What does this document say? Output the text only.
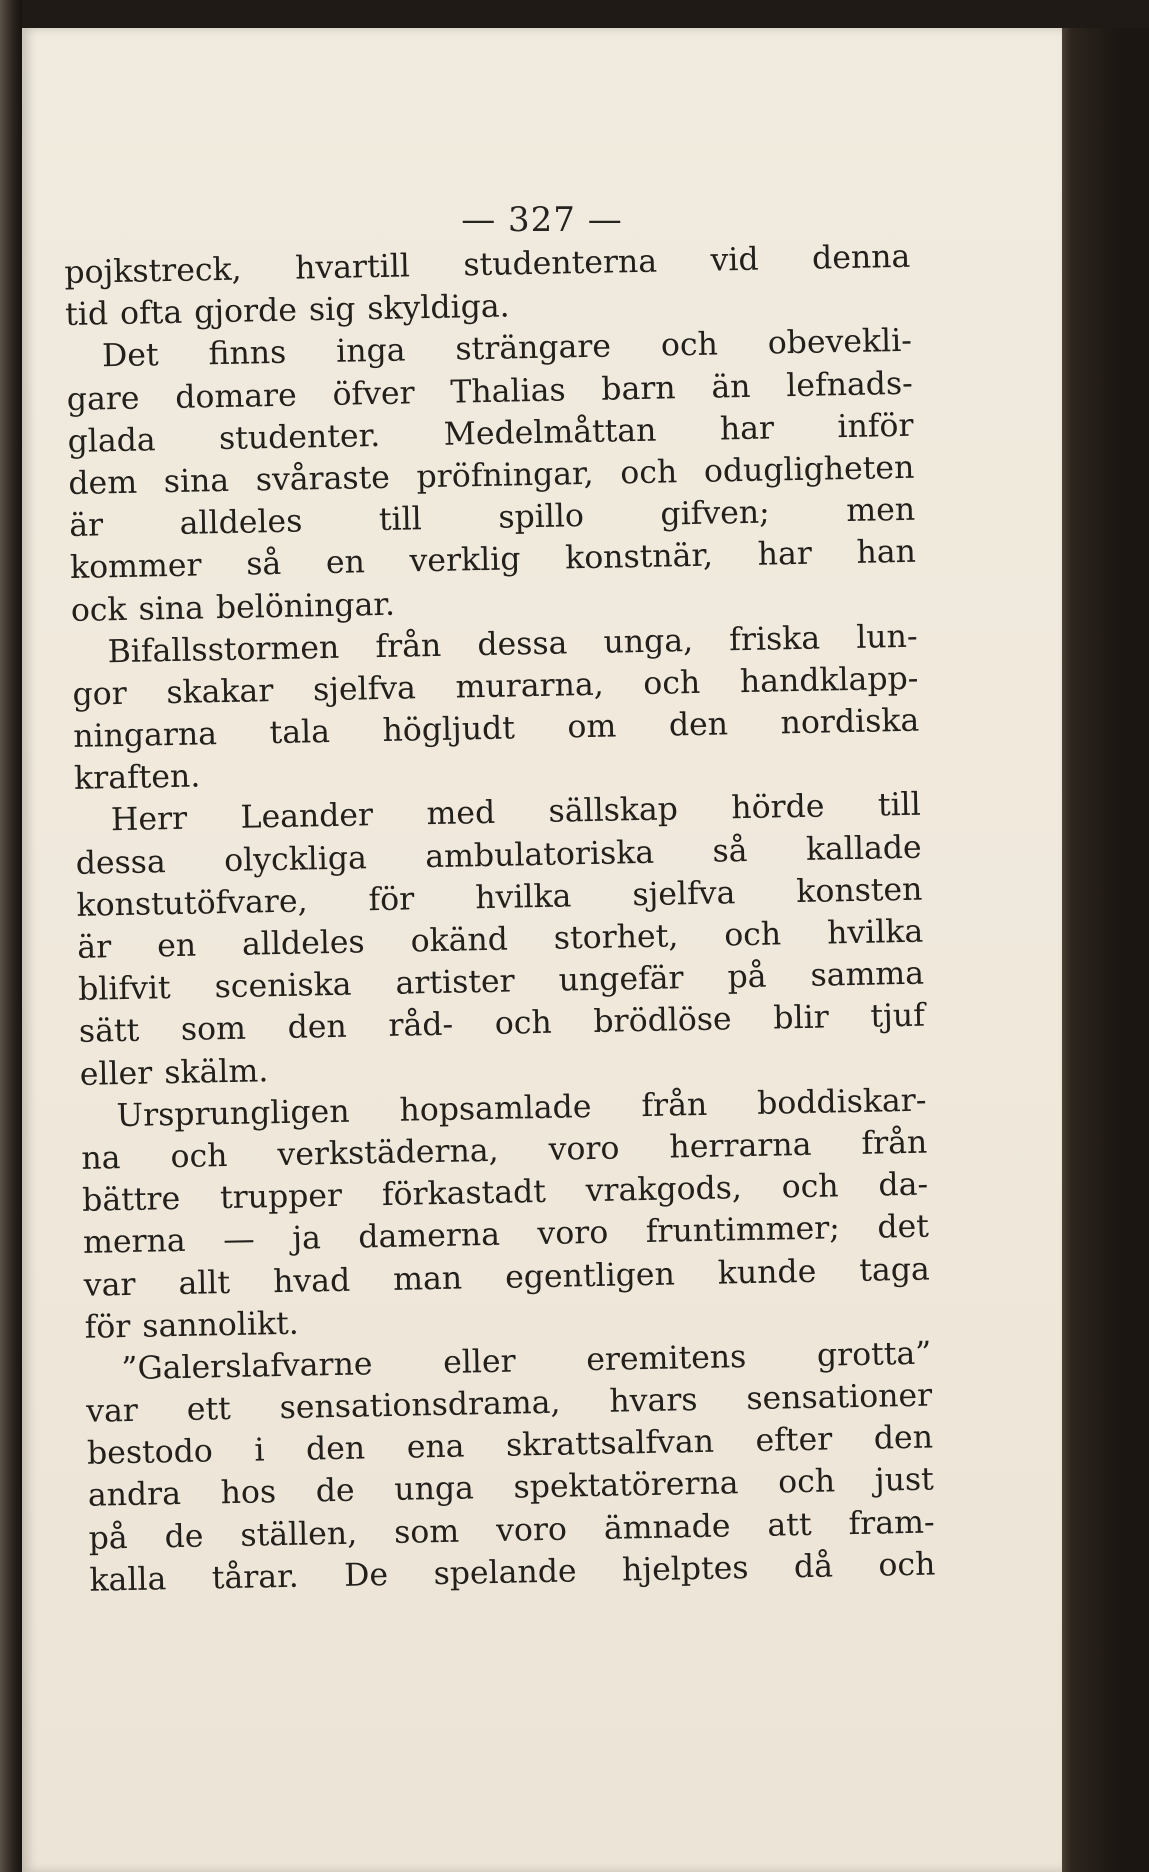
— 327 —
pojkstreck, hvartill studenterna vid denna
tid ofta gjorde sig skyldiga.
Det finns inga strängare och obevekli-
gare domare öfver Thalias barn än lefnads-
glada studenter. Medelmåttan har inför
dem sina svåraste pröfningar, och odugligheten
är alldeles till spillo gifven; men
kommer så en verklig konstnär, har han
ock sina belöningar.
Bifallsstormen från dessa unga, friska lun-
gor skakar sjelfva murarna, och handklapp-
ningarna tala högljudt om den nordiska
kraften.
Herr Leander med sällskap hörde till
dessa olyckliga ambulatoriska så kallade
konstutöfvare, för hvilka sjelfva konsten
är en alldeles okänd storhet, och hvilka
blifvit sceniska artister ungefär på samma
sätt som den råd- och brödlöse blir tjuf
eller skälm.
Ursprungligen hopsamlade från boddiskar-
na och verkstäderna, voro herrarna från
bättre trupper förkastadt vrakgods, och da-
merna — ja damerna voro fruntimmer; det
var allt hvad man egentligen kunde taga
för sannolikt.
”Galerslafvarne eller eremitens grotta”
var ett sensationsdrama, hvars sensationer
bestodo i den ena skrattsalfvan efter den
andra hos de unga spektatörerna och just
på de ställen, som voro ämnade att fram-
kalla tårar. De spelande hjelptes då och
